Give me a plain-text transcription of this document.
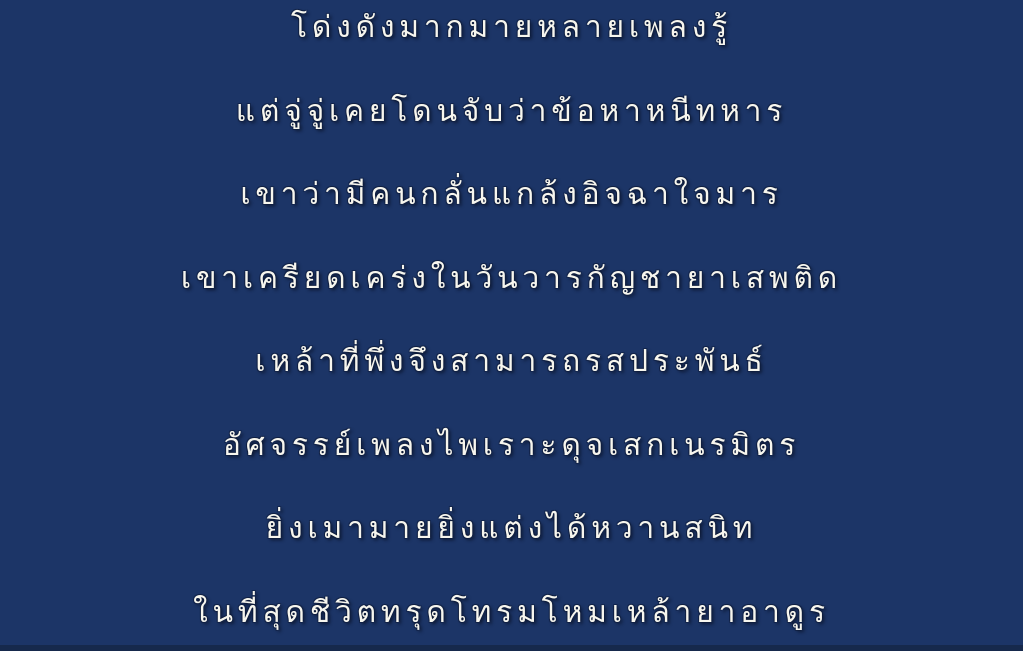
โด่งดังมากมายหลายเพลงรู้
แต่จู่จู่เคยโดนจับว่าข้อหาหนีทหาร
เขาว่ามีคนกลั่นแกล้งอิจฉาใจมาร
เขาเครียดเคร่งในวันวารกัญชายาเสพติด
เหล้าที่พึ่งจึงสามารถรสประพันธ์
อัศจรรย์เพลงไพเราะดุจเสกเนรมิตร
ยิ่งเมามายยิ่งแต่งได้หวานสนิท
ในที่สุดชีวิตทรุดโทรมโหมเหล้ายาอาดูร
